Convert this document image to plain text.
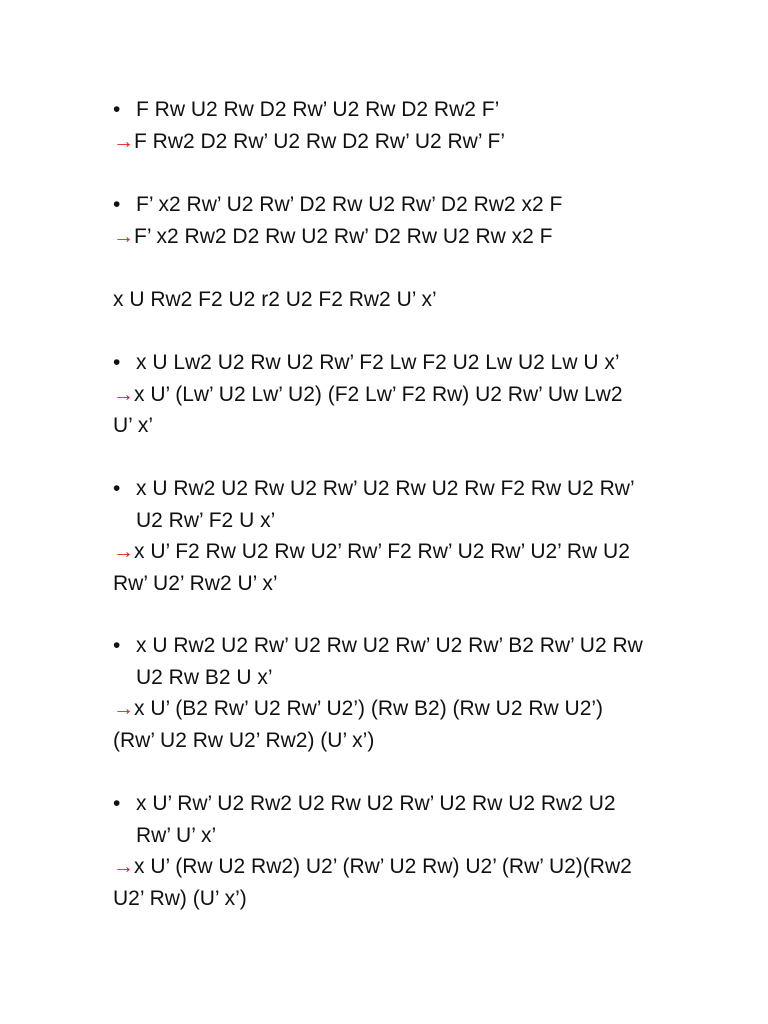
• F Rw U2 Rw D2 Rw’ U2 Rw D2 Rw2 F’
→F Rw2 D2 Rw’ U2 Rw D2 Rw’ U2 Rw’ F’
• F’ x2 Rw’ U2 Rw’ D2 Rw U2 Rw’ D2 Rw2 x2 F
→F’ x2 Rw2 D2 Rw U2 Rw’ D2 Rw U2 Rw x2 F
x U Rw2 F2 U2 r2 U2 F2 Rw2 U’ x’
• x U Lw2 U2 Rw U2 Rw’ F2 Lw F2 U2 Lw U2 Lw U x’
→x U’ (Lw’ U2 Lw’ U2) (F2 Lw’ F2 Rw) U2 Rw’ Uw Lw2
U’ x’
• x U Rw2 U2 Rw U2 Rw’ U2 Rw U2 Rw F2 Rw U2 Rw’
U2 Rw’ F2 U x’
→x U’ F2 Rw U2 Rw U2’ Rw’ F2 Rw’ U2 Rw’ U2’ Rw U2
Rw’ U2’ Rw2 U’ x’
• x U Rw2 U2 Rw’ U2 Rw U2 Rw’ U2 Rw’ B2 Rw’ U2 Rw
U2 Rw B2 U x’
→x U’ (B2 Rw’ U2 Rw’ U2’) (Rw B2) (Rw U2 Rw U2’)
(Rw’ U2 Rw U2’ Rw2) (U’ x’)
• x U’ Rw’ U2 Rw2 U2 Rw U2 Rw’ U2 Rw U2 Rw2 U2
Rw’ U’ x’
→x U’ (Rw U2 Rw2) U2’ (Rw’ U2 Rw) U2’ (Rw’ U2)(Rw2
U2’ Rw) (U’ x’)
